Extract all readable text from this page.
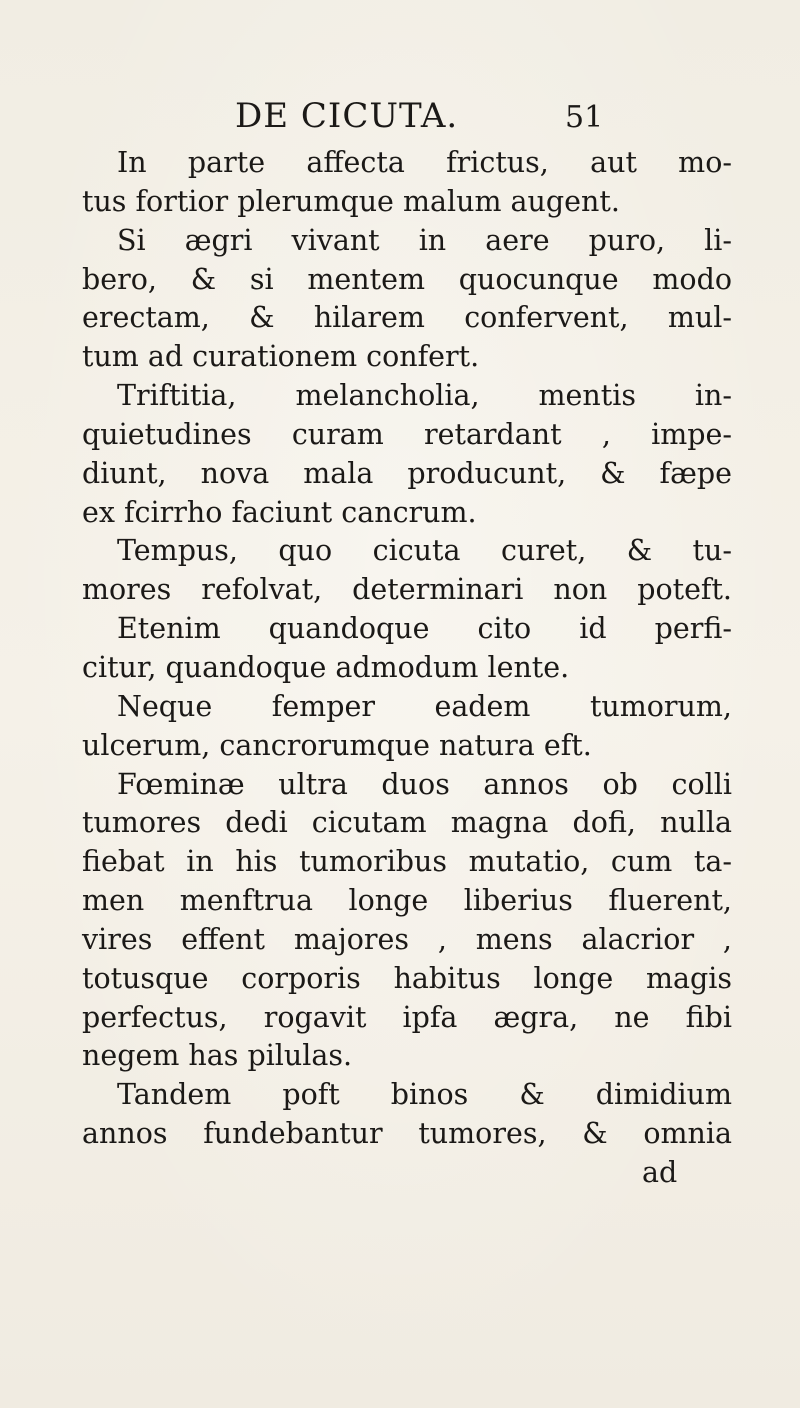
DE CICUTA.	51
In parte affecta frictus, aut mo-
tus fortior plerumque malum augent.
Si ægri vivant in aere puro, li-
bero, & si mentem quocunque modo
erectam, & hilarem confervent, mul-
tum ad curationem confert.
Triftitia, melancholia, mentis in-
quietudines curam retardant , impe-
diunt, nova mala producunt, & fæpe
ex fcirrho faciunt cancrum.
Tempus, quo cicuta curet, & tu-
mores refolvat, determinari non poteft.
Etenim quandoque cito id perfi-
citur, quandoque admodum lente.
Neque femper eadem tumorum,
ulcerum, cancrorumque natura eft.
Fœminæ ultra duos annos ob colli
tumores dedi cicutam magna dofi, nulla
fiebat in his tumoribus mutatio, cum ta-
men menftrua longe liberius fluerent,
vires effent majores , mens alacrior ,
totusque corporis habitus longe magis
perfectus, rogavit ipfa ægra, ne fibi
negem has pilulas.
Tandem poft binos & dimidium
annos fundebantur tumores, & omnia
ad
